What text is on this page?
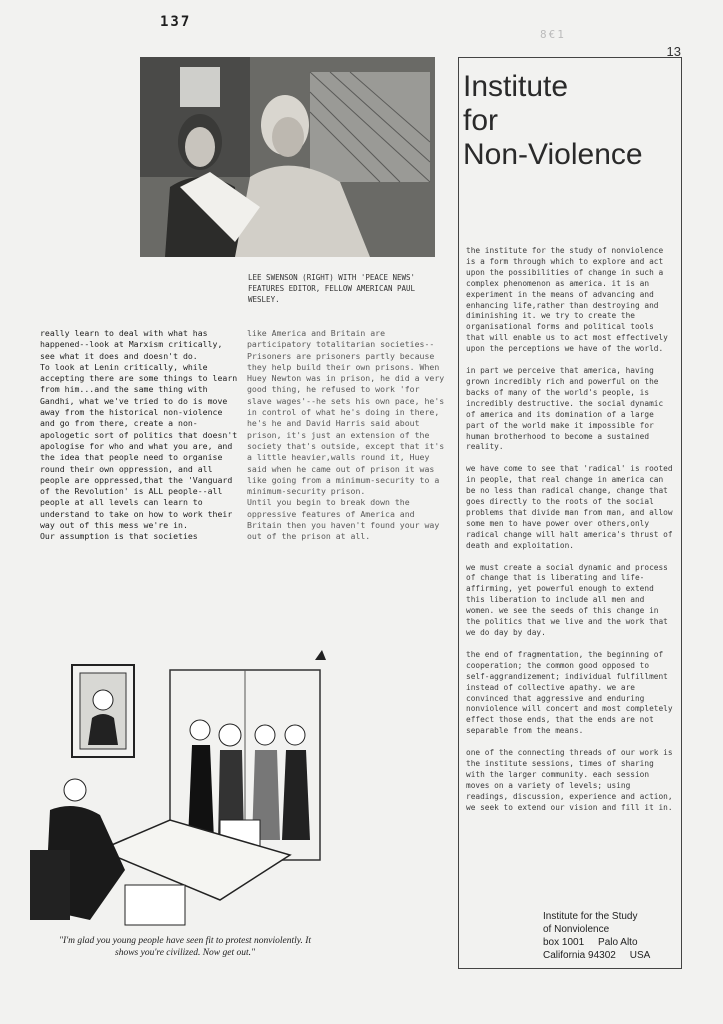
137
8€1
13
LEE SWENSON (RIGHT) WITH 'PEACE NEWS' FEATURES EDITOR, FELLOW AMERICAN PAUL WESLEY.

really learn to deal with what has happened--look at Marxism critically, see what it does and doesn't do.

To look at Lenin critically, while accepting there are some things to learn from him...and the same thing with Gandhi, what we've tried to do is move away from the historical non-violence and go from there, create a non-apologetic sort of politics that doesn't apologise for who and what you are, and the idea that people need to organise round their own oppression, and all people are oppressed,that the 'Vanguard of the Revolution' is ALL people--all people at all levels can learn to understand to take on how to work their way out of this mess we're in.

Our assumption is that societies

like America and Britain are participatory totalitarian societies--Prisoners are prisoners partly because they help build their own prisons. When Huey Newton was in prison, he did a very good thing, he refused to work 'for slave wages'--he sets his own pace, he's in control of what he's doing in there, he's he and David Harris said about prison, it's just an extension of the society that's outside, except that it's a little heavier,walls round it, Huey said when he came out of prison it was like going from a minimum-security to a minimum-security prison.

Until you begin to break down the oppressive features of America and Britain then you haven't found your way out of the prison at all.

Institute
for
Non-Violence

the institute for the study of nonviolence is a form through which to explore and act upon the possibilities of change in such a complex phenomenon as america. it is an experiment in the means of advancing and enhancing life,rather than destroying and diminishing it. we try to create the organisational forms and political tools that will enable us to act most effectively upon the perceptions we have of the world.

in part we perceive that america, having grown incredibly rich and powerful on the backs of many of the world's people, is incredibly destructive. the social dynamic of america and its domination of a large part of the world make it impossible for human brotherhood to become a sustained reality.

we have come to see that 'radical' is rooted in people, that real change in america can be no less than radical change, change that goes directly to the roots of the social problems that divide man from man, and allow some men to have power over others,only radical change will halt america's thrust of death and exploitation.

we must create a social dynamic and process of change that is liberating and life-affirming, yet powerful enough to extend this liberation to include all men and women. we see the seeds of this change in the politics that we live and the work that we do day by day.

the end of fragmentation, the beginning of cooperation; the common good opposed to self-aggrandizement; individual fulfillment instead of collective apathy. we are convinced that aggressive and enduring nonviolence will concert and most completely effect those ends, that the ends are not separable from the means.

one of the connecting threads of our work is the institute sessions, times of sharing with the larger community. each session moves on a variety of levels; using readings, discussion, experience and action, we seek to extend our vision and fill it in.

Institute for the Study
of Nonviolence
box 1001     Palo Alto
California 94302     USA
"I'm glad you young people have seen fit to protest nonviolently. It shows you're civilized. Now get out."
